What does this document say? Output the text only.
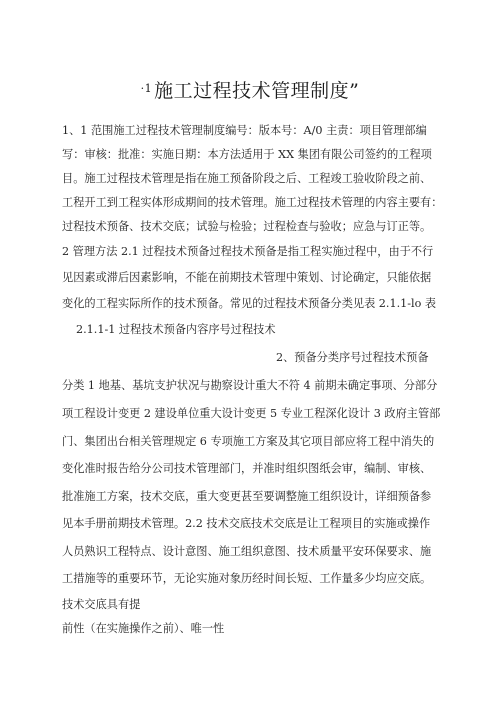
$^{\cdot 1}$ 施工过程技术管理制度”
1、1 范围施工过程技术管理制度编号：版本号：A/0 主责：项目管理部编
写：审核：批准：实施日期：本方法适用于 XX 集团有限公司签约的工程项
目。施工过程技术管理是指在施工预备阶段之后、工程竣工验收阶段之前、
工程开工到工程实体形成期间的技术管理。施工过程技术管理的内容主要有：
过程技术预备、技术交底；试验与检验；过程检查与验收；应急与订正等。
2 管理方法 2.1 过程技术预备过程技术预备是指工程实施过程中，由于不行
见因素或滞后因素影响，不能在前期技术管理中策划、讨论确定，只能依据
变化的工程实际所作的技术预备。常见的过程技术预备分类见表 2.1.1-lo 表
2.1.1-1 过程技术预备内容序号过程技术
2、预备分类序号过程技术预备
分类 1 地基、基坑支护状况与勘察设计重大不符 4 前期未确定事项、分部分
项工程设计变更 2 建设单位重大设计变更 5 专业工程深化设计 3 政府主管部
门、集团出台相关管理规定 6 专项施工方案及其它项目部应将工程中消失的
变化准时报告给分公司技术管理部门，并准时组织图纸会审，编制、审核、
批准施工方案，技术交底，重大变更甚至要调整施工组织设计，详细预备参
见本手册前期技术管理。2.2 技术交底技术交底是让工程项目的实施或操作
人员熟识工程特点、设计意图、施工组织意图、技术质量平安环保要求、施
工措施等的重要环节，无论实施对象历经时间长短、工作量多少均应交底。
技术交底具有提
前性（在实施操作之前）、唯一性
